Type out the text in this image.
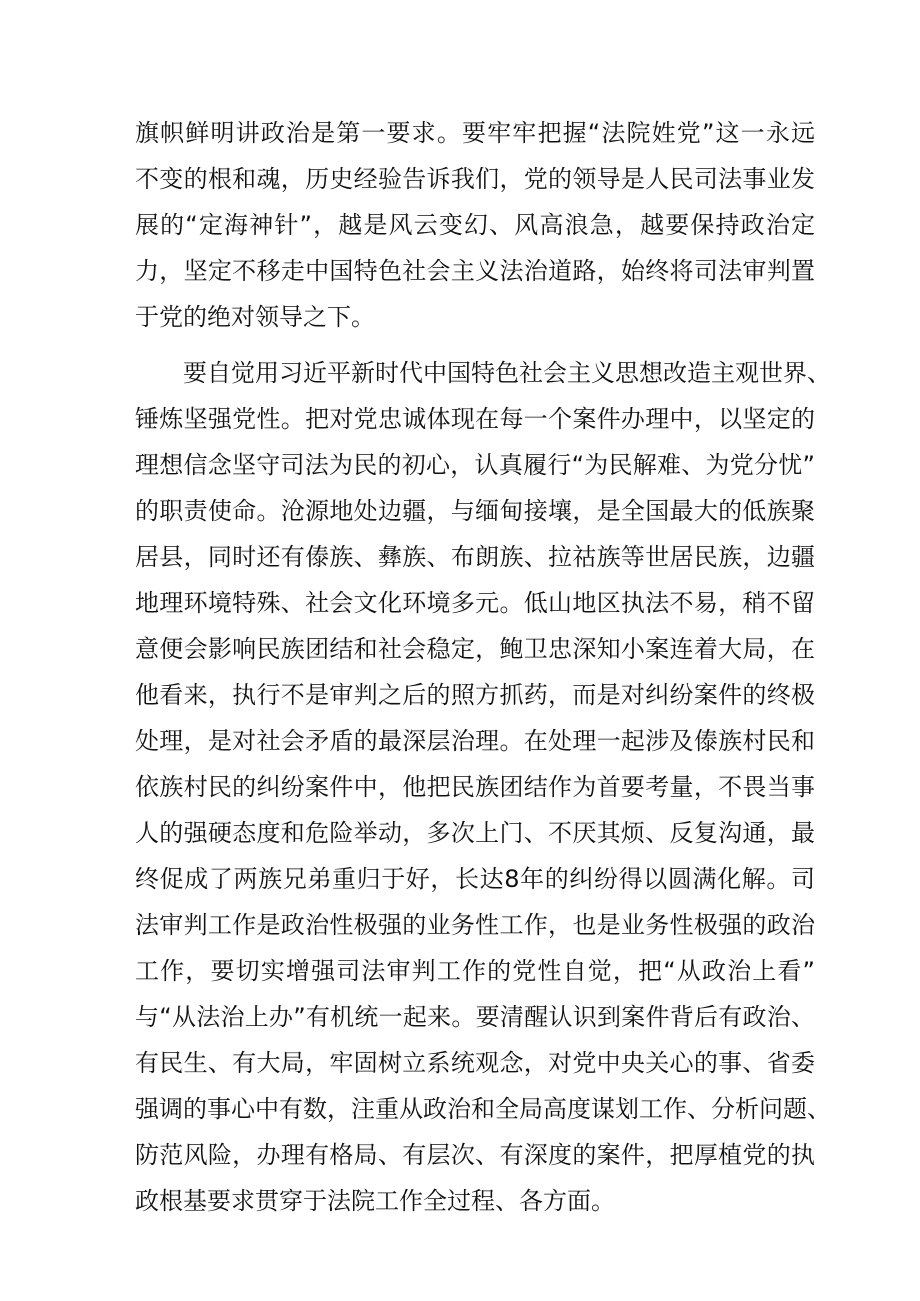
旗帜鲜明讲政治是第一要求。要牢牢把握“法院姓党”这一永远
不变的根和魂，历史经验告诉我们，党的领导是人民司法事业发
展的“定海神针”，越是风云变幻、风高浪急，越要保持政治定
力，坚定不移走中国特色社会主义法治道路，始终将司法审判置
于党的绝对领导之下。
要自觉用习近平新时代中国特色社会主义思想改造主观世界、
锤炼坚强党性。把对党忠诚体现在每一个案件办理中，以坚定的
理想信念坚守司法为民的初心，认真履行“为民解难、为党分忧”
的职责使命。沧源地处边疆，与缅甸接壤，是全国最大的低族聚
居县，同时还有傣族、彝族、布朗族、拉祜族等世居民族，边疆
地理环境特殊、社会文化环境多元。低山地区执法不易，稍不留
意便会影响民族团结和社会稳定，鲍卫忠深知小案连着大局，在
他看来，执行不是审判之后的照方抓药，而是对纠纷案件的终极
处理，是对社会矛盾的最深层治理。在处理一起涉及傣族村民和
依族村民的纠纷案件中，他把民族团结作为首要考量，不畏当事
人的强硬态度和危险举动，多次上门、不厌其烦、反复沟通，最
终促成了两族兄弟重归于好，长达8年的纠纷得以圆满化解。司
法审判工作是政治性极强的业务性工作，也是业务性极强的政治
工作，要切实增强司法审判工作的党性自觉，把“从政治上看”
与“从法治上办”有机统一起来。要清醒认识到案件背后有政治、
有民生、有大局，牢固树立系统观念，对党中央关心的事、省委
强调的事心中有数，注重从政治和全局高度谋划工作、分析问题、
防范风险，办理有格局、有层次、有深度的案件，把厚植党的执
政根基要求贯穿于法院工作全过程、各方面。
